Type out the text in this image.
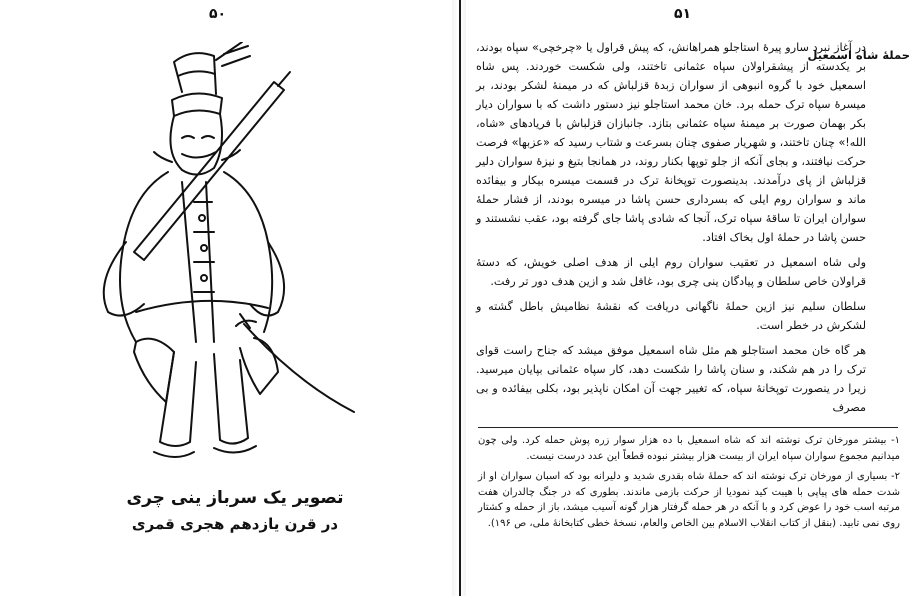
۵۰
تصویر یک سرباز ینی چری
در قرن یازدهم هجری قمری
۵۱
حملهٔ شاه اسمعیل

در آغاز نبرد سارو پیرهٔ استاجلو همراهانش، که پیش قراول یا «چرخچی» سپاه بودند، بر یکدسته از پیشقراولان سپاه عثمانی تاختند، ولی شکست خوردند. پس شاه اسمعیل خود با گروه انبوهی از سواران زبدهٔ قزلباش که در میمنهٔ لشکر بودند، بر میسرهٔ سپاه ترک حمله برد. خان محمد استاجلو نیز دستور داشت که با سواران دیار بکر بهمان صورت بر میمنهٔ سپاه عثمانی بتازد. جانبازان قزلباش با فریادهای «شاه، الله!» چنان تاختند، و شهریار صفوی چنان بسرعت و شتاب رسید که «عزبها» فرصت حرکت نیافتند، و بجای آنکه از جلو توپها بکنار روند، در همانجا بتیغ و نیزهٔ سواران دلیر قزلباش از پای درآمدند. بدینصورت توپخانهٔ ترک در قسمت میسره بیکار و بیفائده ماند و سواران روم ایلی که بسرداری حسن پاشا در میسره بودند، از فشار حملهٔ سواران ایران تا ساقهٔ سپاه ترک، آنجا که شادی پاشا جای گرفته بود، عقب نشستند و حسن پاشا در حملهٔ اول بخاک افتاد.

ولی شاه اسمعیل در تعقیب سواران روم ایلی از هدف اصلی خویش، که دستهٔ قراولان خاص سلطان و پیادگان ینی چری بود، غافل شد و ازین هدف دور تر رفت.

سلطان سلیم نیز ازین حملهٔ ناگهانی دریافت که نقشهٔ نظامیش باطل گشته و لشکرش در خطر است.

هر گاه خان محمد استاجلو هم مثل شاه اسمعیل موفق میشد که جناح راست قوای ترک را در هم شکند، و سنان پاشا را شکست دهد، کار سپاه عثمانی بپایان میرسید. زیرا در ینصورت توپخانهٔ سپاه، که تغییر جهت آن امکان ناپذیر بود، بکلی بیفائده و بی مصرف

۱- بیشتر مورخان ترک نوشته اند که شاه اسمعیل با ده هزار سوار زره پوش حمله کرد. ولی چون میدانیم مجموع سواران سپاه ایران از بیست هزار بیشتر نبوده قطعاً این عدد درست نیست.

۲- بسیاری از مورخان ترک نوشته اند که حملهٔ شاه بقدری شدید و دلیرانه بود که اسبان سواران او از شدت حمله های پیاپی با هیبت کید نمودیا از حرکت بازمی ماندند. بطوری که در جنگ چالدران هفت مرتبه اسب خود را عوض کرد و با آنکه در هر حمله گرفتار هزار گونه آسیب میشد، باز از حمله و کشتار روی نمی تابید. (بنقل از کتاب انقلاب الاسلام بین الخاص والعام، نسخهٔ خطی کتابخانهٔ ملی، ص ۱۹۶).
